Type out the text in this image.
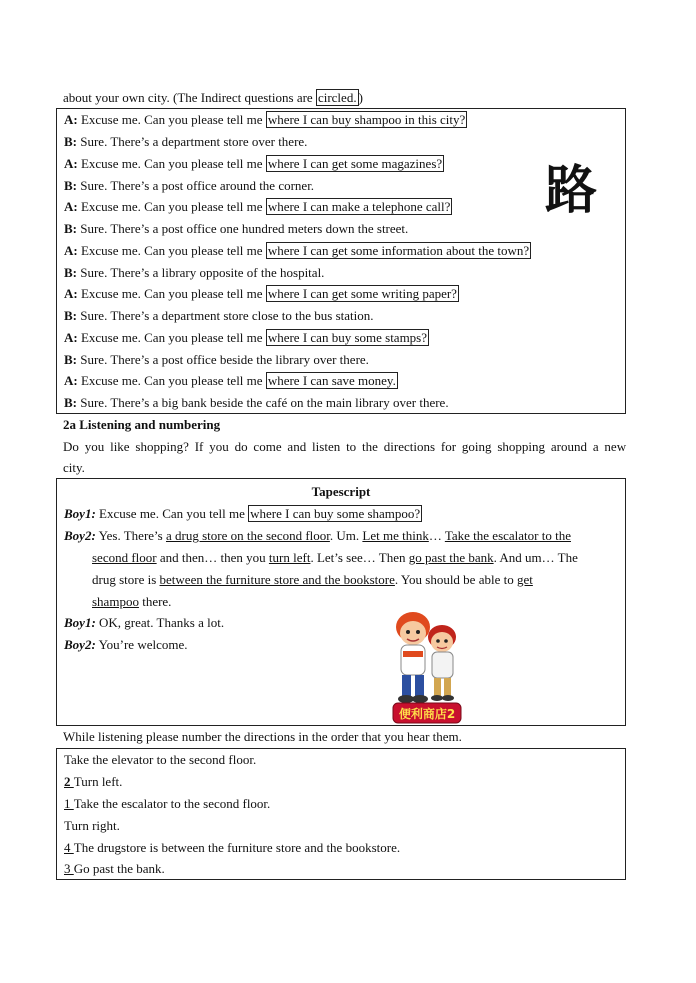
about your own city. (The Indirect questions are circled. )
A: Excuse me. Can you please tell me where I can buy shampoo in this city?
B: Sure. There’s a department store over there.
A: Excuse me. Can you please tell me where I can get some magazines?
B: Sure. There’s a post office around the corner.
A: Excuse me. Can you please tell me where I can make a telephone call?
B: Sure. There’s a post office one hundred meters down the street.
A: Excuse me. Can you please tell me where I can get some information about the town?
B: Sure. There’s a library opposite of the hospital.
A: Excuse me. Can you please tell me where I can get some writing paper?
B: Sure. There’s a department store close to the bus station.
A: Excuse me. Can you please tell me where I can buy some stamps?
B: Sure. There’s a post office beside the library over there.
A: Excuse me. Can you please tell me where I can save money.
B: Sure. There’s a big bank beside the café on the main library over there.
路
2a Listening and numbering
Do you like shopping? If you do come and listen to the directions for going shopping around a new
city.
Tapescript
Boy1: Excuse me. Can you tell me where I can buy some shampoo?
Boy2: Yes. There’s a drug store on the second floor. Um. Let me think… Take the escalator to the
second floor and then… then you turn left. Let’s see… Then go past the bank. And um… The
drug store is between the furniture store and the bookstore. You should be able to get
shampoo there.
Boy1: OK, great. Thanks a lot.
Boy2: You’re welcome.
便利商店2
While listening please number the directions in the order that you hear them.
Take the elevator to the second floor.
2 Turn left.
1 Take the escalator to the second floor.
Turn right.
4 The drugstore is between the furniture store and the bookstore.
3 Go past the bank.
